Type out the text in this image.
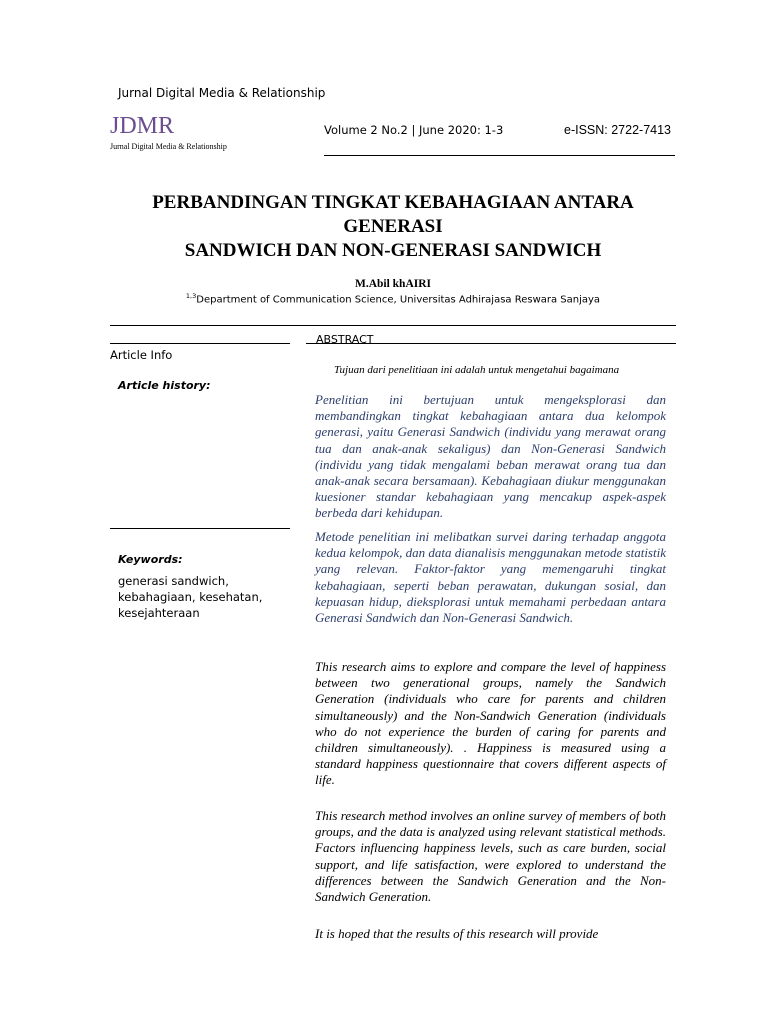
Jurnal Digital Media & Relationship
JDMR
Jurnal Digital Media & Relationship
Volume 2 No.2 | June 2020: 1-3	e-ISSN: 2722-7413
PERBANDINGAN TINGKAT KEBAHAGIAAN ANTARA
GENERASI
SANDWICH DAN NON-GENERASI SANDWICH
M.Abil khAIRI
$^{1,3}$Department of Communication Science, Universitas Adhirajasa Reswara Sanjaya
ABSTRACT
Article Info
Article history:
Keywords:
generasi sandwich,
kebahagiaan, kesehatan,
kesejahteraan
Tujuan dari penelitiaan ini adalah untuk mengetahui bagaimana
Penelitian ini bertujuan untuk mengeksplorasi dan membandingkan tingkat kebahagiaan antara dua kelompok generasi, yaitu Generasi Sandwich (individu yang merawat orang tua dan anak-anak sekaligus) dan Non-Generasi Sandwich (individu yang tidak mengalami beban merawat orang tua dan anak-anak secara bersamaan). Kebahagiaan diukur menggunakan kuesioner standar kebahagiaan yang mencakup aspek-aspek berbeda dari kehidupan.
Metode penelitian ini melibatkan survei daring terhadap anggota kedua kelompok, dan data dianalisis menggunakan metode statistik yang relevan. Faktor-faktor yang memengaruhi tingkat kebahagiaan, seperti beban perawatan, dukungan sosial, dan kepuasan hidup, dieksplorasi untuk memahami perbedaan antara Generasi Sandwich dan Non-Generasi Sandwich.
This research aims to explore and compare the level of happiness between two generational groups, namely the Sandwich Generation (individuals who care for parents and children simultaneously) and the Non-Sandwich Generation (individuals who do not experience the burden of caring for parents and children simultaneously). . Happiness is measured using a standard happiness questionnaire that covers different aspects of life.
This research method involves an online survey of members of both groups, and the data is analyzed using relevant statistical methods. Factors influencing happiness levels, such as care burden, social support, and life satisfaction, were explored to understand the differences between the Sandwich Generation and the Non-Sandwich Generation.
It is hoped that the results of this research will provide
